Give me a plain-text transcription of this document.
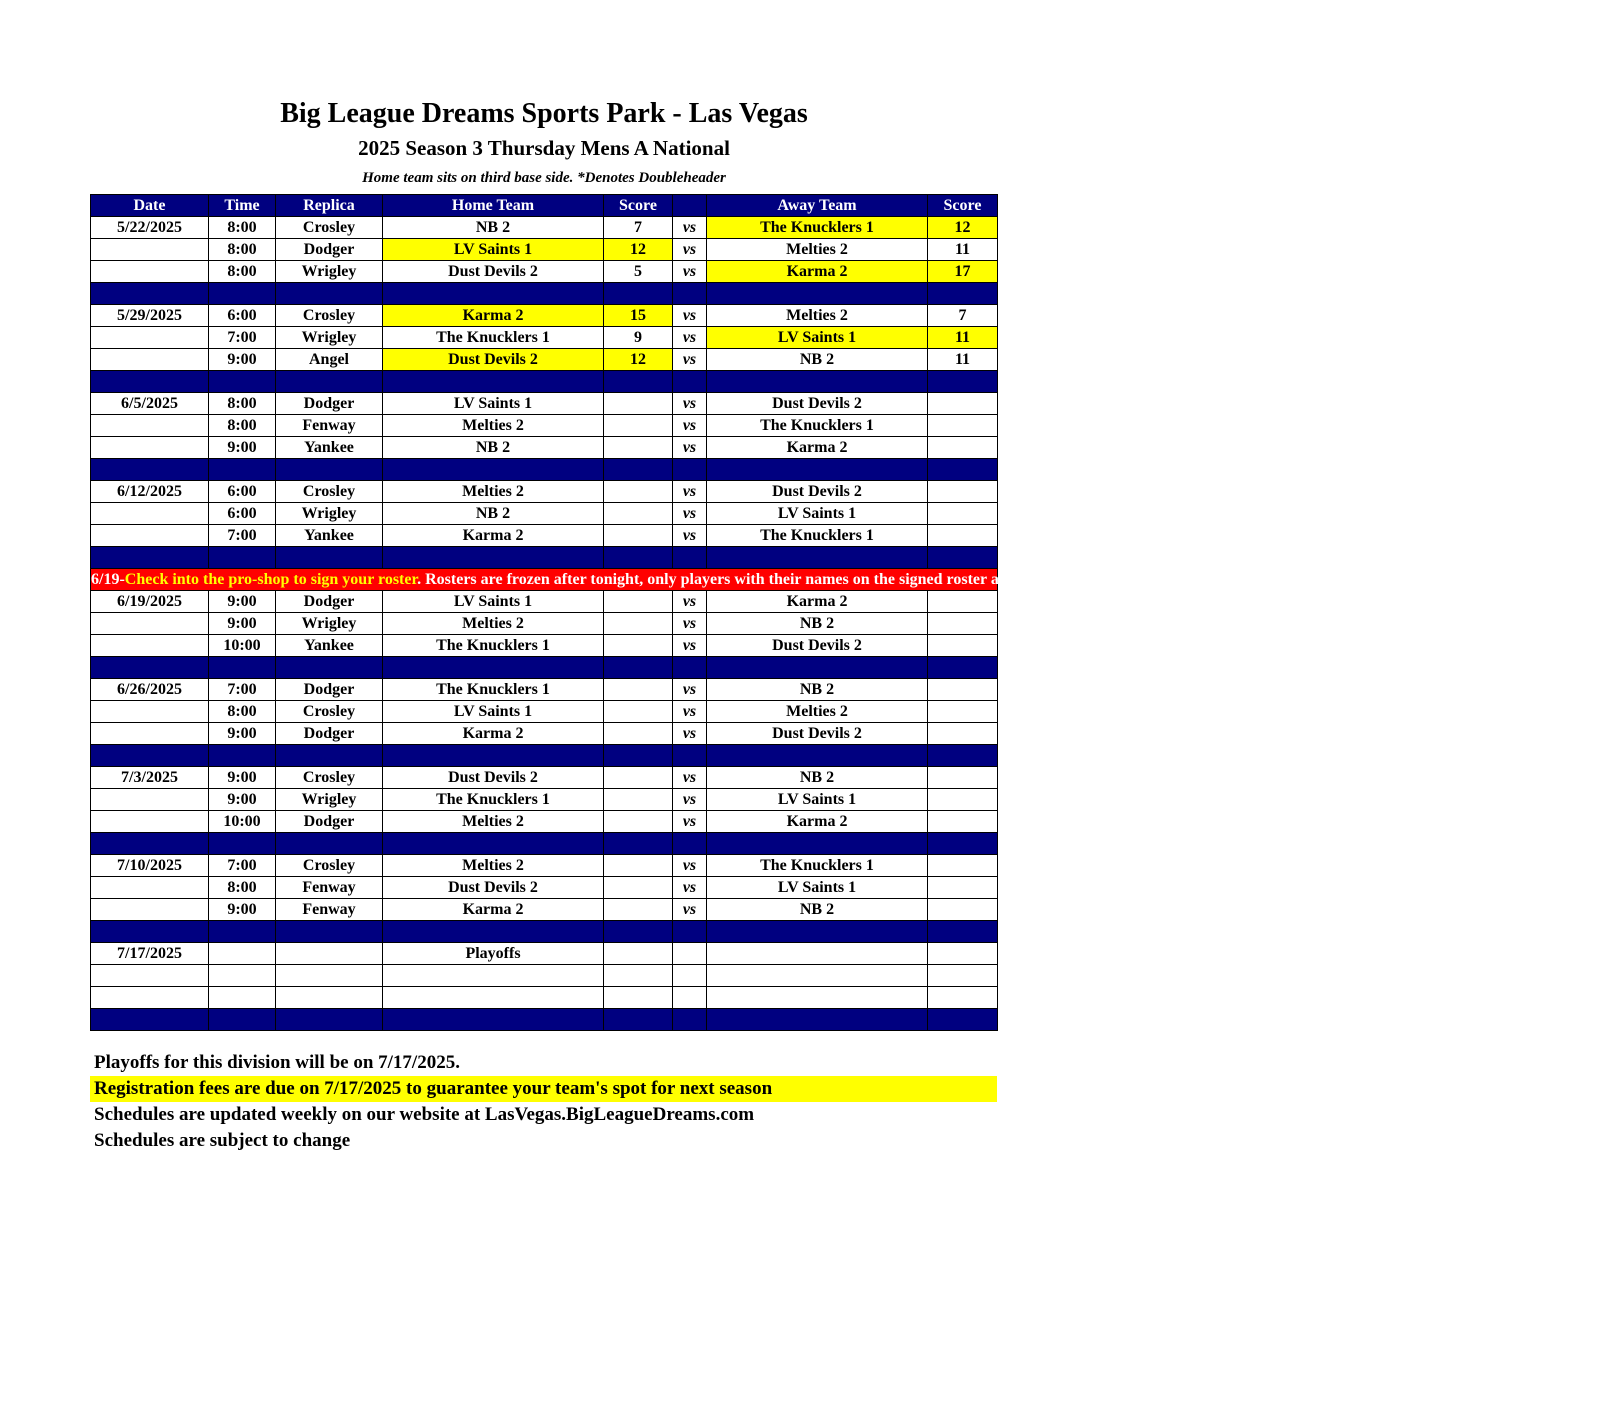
Big League Dreams Sports Park - Las Vegas
2025 Season 3 Thursday Mens A National
Home team sits on third base side. *Denotes Doubleheader
Date	Time	Replica	Home Team	Score		Away Team	Score
5/22/2025	8:00	Crosley	NB 2	7	vs	The Knucklers 1	12
	8:00	Dodger	LV Saints 1	12	vs	Melties 2	11
	8:00	Wrigley	Dust Devils 2	5	vs	Karma 2	17

5/29/2025	6:00	Crosley	Karma 2	15	vs	Melties 2	7
	7:00	Wrigley	The Knucklers 1	9	vs	LV Saints 1	11
	9:00	Angel	Dust Devils 2	12	vs	NB 2	11

6/5/2025	8:00	Dodger	LV Saints 1		vs	Dust Devils 2	
	8:00	Fenway	Melties 2		vs	The Knucklers 1	
	9:00	Yankee	NB 2		vs	Karma 2	

6/12/2025	6:00	Crosley	Melties 2		vs	Dust Devils 2	
	6:00	Wrigley	NB 2		vs	LV Saints 1	
	7:00	Yankee	Karma 2		vs	The Knucklers 1	

6/19-Check into the pro-shop to sign your roster. Rosters are frozen after tonight, only players with their names on the signed roster are eligible for playoffs. Please check carefully as changes will not be made for omissions.							
6/19/2025	9:00	Dodger	LV Saints 1		vs	Karma 2	
	9:00	Wrigley	Melties 2		vs	NB 2	
	10:00	Yankee	The Knucklers 1		vs	Dust Devils 2	

6/26/2025	7:00	Dodger	The Knucklers 1		vs	NB 2	
	8:00	Crosley	LV Saints 1		vs	Melties 2	
	9:00	Dodger	Karma 2		vs	Dust Devils 2	

7/3/2025	9:00	Crosley	Dust Devils 2		vs	NB 2	
	9:00	Wrigley	The Knucklers 1		vs	LV Saints 1	
	10:00	Dodger	Melties 2		vs	Karma 2	

7/10/2025	7:00	Crosley	Melties 2		vs	The Knucklers 1	
	8:00	Fenway	Dust Devils 2		vs	LV Saints 1	
	9:00	Fenway	Karma 2		vs	NB 2	

7/17/2025			Playoffs				

Playoffs for this division will be on 7/17/2025.
Registration fees are due on 7/17/2025 to guarantee your team's spot for next season
Schedules are updated weekly on our website at LasVegas.BigLeagueDreams.com
Schedules are subject to change
